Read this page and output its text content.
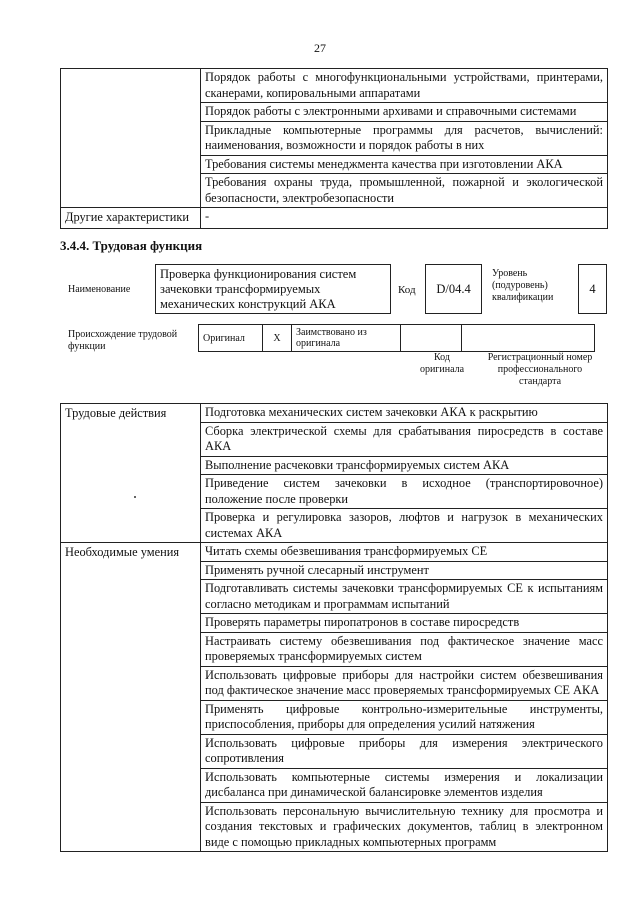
27
	Порядок работы с многофункциональными устройствами, принтерами, сканерами, копировальными аппаратами
	Порядок работы с электронными архивами и справочными системами
	Прикладные компьютерные программы для расчетов, вычислений: наименования, возможности и порядок работы в них
	Требования системы менеджмента качества при изготовлении АКА
	Требования охраны труда, промышленной, пожарной и экологической безопасности, электробезопасности
Другие характеристики	-
3.4.4. Трудовая функция
Наименование
Проверка функционирования систем зачековки трансформируемых механических конструкций АКА
Код	D/04.4
Уровень (подуровень) квалификации
4
Происхождение трудовой функции
Оригинал	X	Заимствовано из оригинала		
Код оригинала
Регистрационный номер профессионального стандарта
Трудовые действия	Подготовка механических систем зачековки АКА к раскрытию
	Сборка электрической схемы для срабатывания пиросредств в составе АКА
	Выполнение расчековки трансформируемых систем АКА
	Приведение систем зачековки в исходное (транспортировочное) положение после проверки
	Проверка и регулировка зазоров, люфтов и нагрузок в механических системах АКА
Необходимые умения	Читать схемы обезвешивания трансформируемых СЕ
	Применять ручной слесарный инструмент
	Подготавливать системы зачековки трансформируемых СЕ к испытаниям согласно методикам и программам испытаний
	Проверять параметры пиропатронов в составе пиросредств
	Настраивать систему обезвешивания под фактическое значение масс проверяемых трансформируемых систем
	Использовать цифровые приборы для настройки систем обезвешивания под фактическое значение масс проверяемых трансформируемых СЕ АКА
	Применять цифровые контрольно-измерительные инструменты, приспособления, приборы для определения усилий натяжения
	Использовать цифровые приборы для измерения электрического сопротивления
	Использовать компьютерные системы измерения и локализации дисбаланса при динамической балансировке элементов изделия
	Использовать персональную вычислительную технику для просмотра и создания текстовых и графических документов, таблиц в электронном виде с помощью прикладных компьютерных программ
